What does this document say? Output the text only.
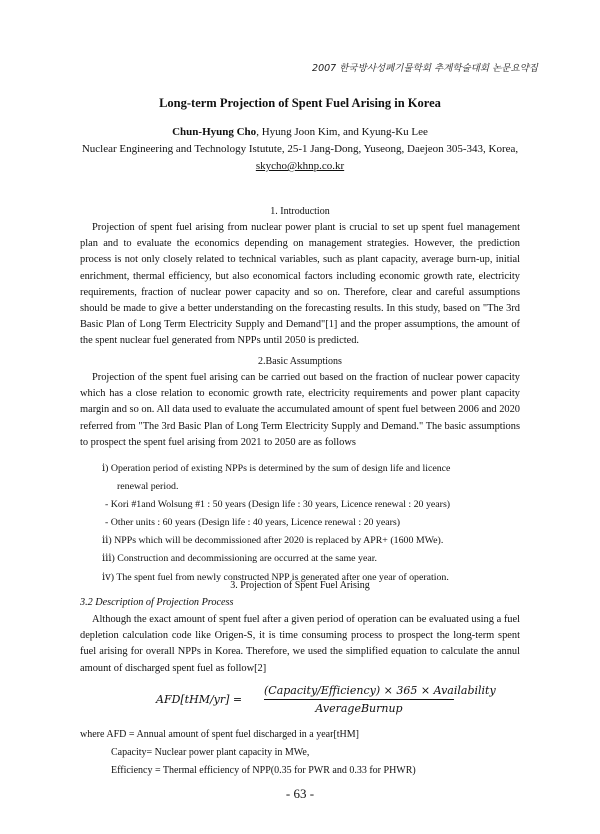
2007 한국방사성폐기물학회 추계학술대회 논문요약집
Long-term Projection of Spent Fuel Arising in Korea
Chun-Hyung Cho, Hyung Joon Kim, and Kyung-Ku Lee
Nuclear Engineering and Technology Istutute, 25-1 Jang-Dong, Yuseong, Daejeon 305-343, Korea,
skycho@khnp.co.kr
1. Introduction

Projection of spent fuel arising from nuclear power plant is crucial to set up spent fuel management plan and to evaluate the economics depending on management strategies. However, the prediction process is not only closely related to technical variables, such as plant capacity, average burn-up, initial enrichment, thermal efficiency, but also economical factors including economic growth rate, electricity requirements, fraction of nuclear power capacity and so on. Therefore, clear and careful assumptions should be made to give a better understanding on the forecasting results. In this study, based on "The 3rd Basic Plan of Long Term Electricity Supply and Demand"[1] and the proper assumptions, the amount of the spent nuclear fuel generated from NPPs until 2050 is predicted.

2.Basic Assumptions

Projection of the spent fuel arising can be carried out based on the fraction of nuclear power capacity which has a close relation to economic growth rate, electricity requirements and power plant capacity margin and so on. All data used to evaluate the accumulated amount of spent fuel between 2006 and 2020 referred from "The 3rd Basic Plan of Long Term Electricity Supply and Demand." The basic assumptions to prospect the spent fuel arising from 2021 to 2050 are as follows

ⅰ) Operation period of existing NPPs is determined by the sum of design life and licence
renewal period.
- Kori #1and Wolsung #1 : 50 years (Design life : 30 years, Licence renewal : 20 years)
- Other units : 60 years (Design life : 40 years, Licence renewal : 20 years)
ⅱ) NPPs which will be decommissioned after 2020 is replaced by APR+ (1600 MWe).
ⅲ) Construction and decommissioning are occurred at the same year.
ⅳ) The spent fuel from newly constructed NPP is generated after one year of operation.
3. Projection of Spent Fuel Arising
3.2 Description of Projection Process

Although the exact amount of spent fuel after a given period of operation can be evaluated using a fuel depletion calculation code like Origen-S, it is time consuming process to prospect the long-term spent fuel arising for overall NPPs in Korea. Therefore, we used the simplified equation to calculate the annul amount of discharged spent fuel as follow[2]

AFD[tHM/yr] =
(Capacity/Efficiency) × 365 × Availability
AverageBurnup
where AFD = Annual amount of spent fuel discharged in a year[tHM]
Capacity= Nuclear power plant capacity in MWe,
Efficiency = Thermal efficiency of NPP(0.35 for PWR and 0.33 for PHWR)
- 63 -
